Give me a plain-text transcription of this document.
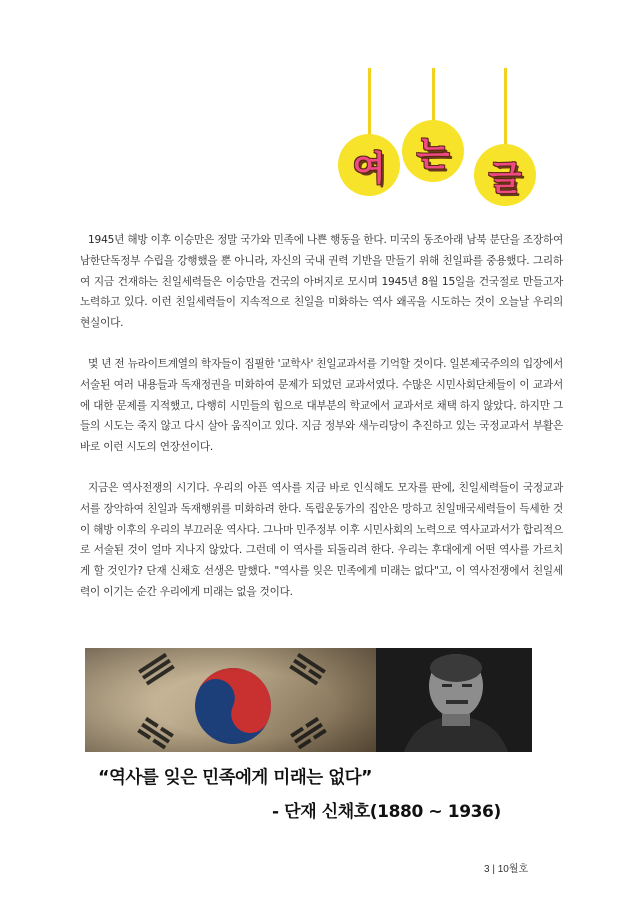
여 는
글

1945년 해방 이후 이승만은 정말 국가와 민족에 나쁜 행동을 한다. 미국의 동조아래 남북 분단을 조장하여 남한단독정부 수립을 강행했을 뿐 아니라, 자신의 국내 권력 기반을 만들기 위해 친일파를 중용했다. 그리하여 지금 건재하는 친일세력들은 이승만을 건국의 아버지로 모시며 1945년 8월 15일을 건국절로 만들고자 노력하고 있다. 이런 친일세력들이 지속적으로 친일을 미화하는 역사 왜곡을 시도하는 것이 오늘날 우리의 현실이다.

몇 년 전 뉴라이트계열의 학자들이 집필한 '교학사' 친일교과서를 기억할 것이다. 일본제국주의의 입장에서 서술된 여러 내용들과 독재정권을 미화하여 문제가 되었던 교과서였다. 수많은 시민사회단체들이 이 교과서에 대한 문제를 지적했고, 다행히 시민들의 힘으로 대부분의 학교에서 교과서로 채택 하지 않았다. 하지만 그들의 시도는 죽지 않고 다시 살아 움직이고 있다. 지금 정부와 새누리당이 추진하고 있는 국정교과서 부활은 바로 이런 시도의 연장선이다.

지금은 역사전쟁의 시기다. 우리의 아픈 역사를 지금 바로 인식해도 모자를 판에, 친일세력들이 국정교과서를 장악하여 친일과 독재행위를 미화하려 한다. 독립운동가의 집안은 망하고 친일매국세력들이 득세한 것이 해방 이후의 우리의 부끄러운 역사다. 그나마 민주정부 이후 시민사회의 노력으로 역사교과서가 합리적으로 서술된 것이 얼마 지나지 않았다. 그런데 이 역사를 되돌리려 한다. 우리는 후대에게 어떤 역사를 가르치게 할 것인가? 단재 신채호 선생은 말했다. "역사를 잊은 민족에게 미래는 없다"고, 이 역사전쟁에서 친일세력이 이기는 순간 우리에게 미래는 없을 것이다.

“역사를 잊은 민족에게 미래는 없다”
- 단재 신채호(1880 ~ 1936)
3 | 10월호
